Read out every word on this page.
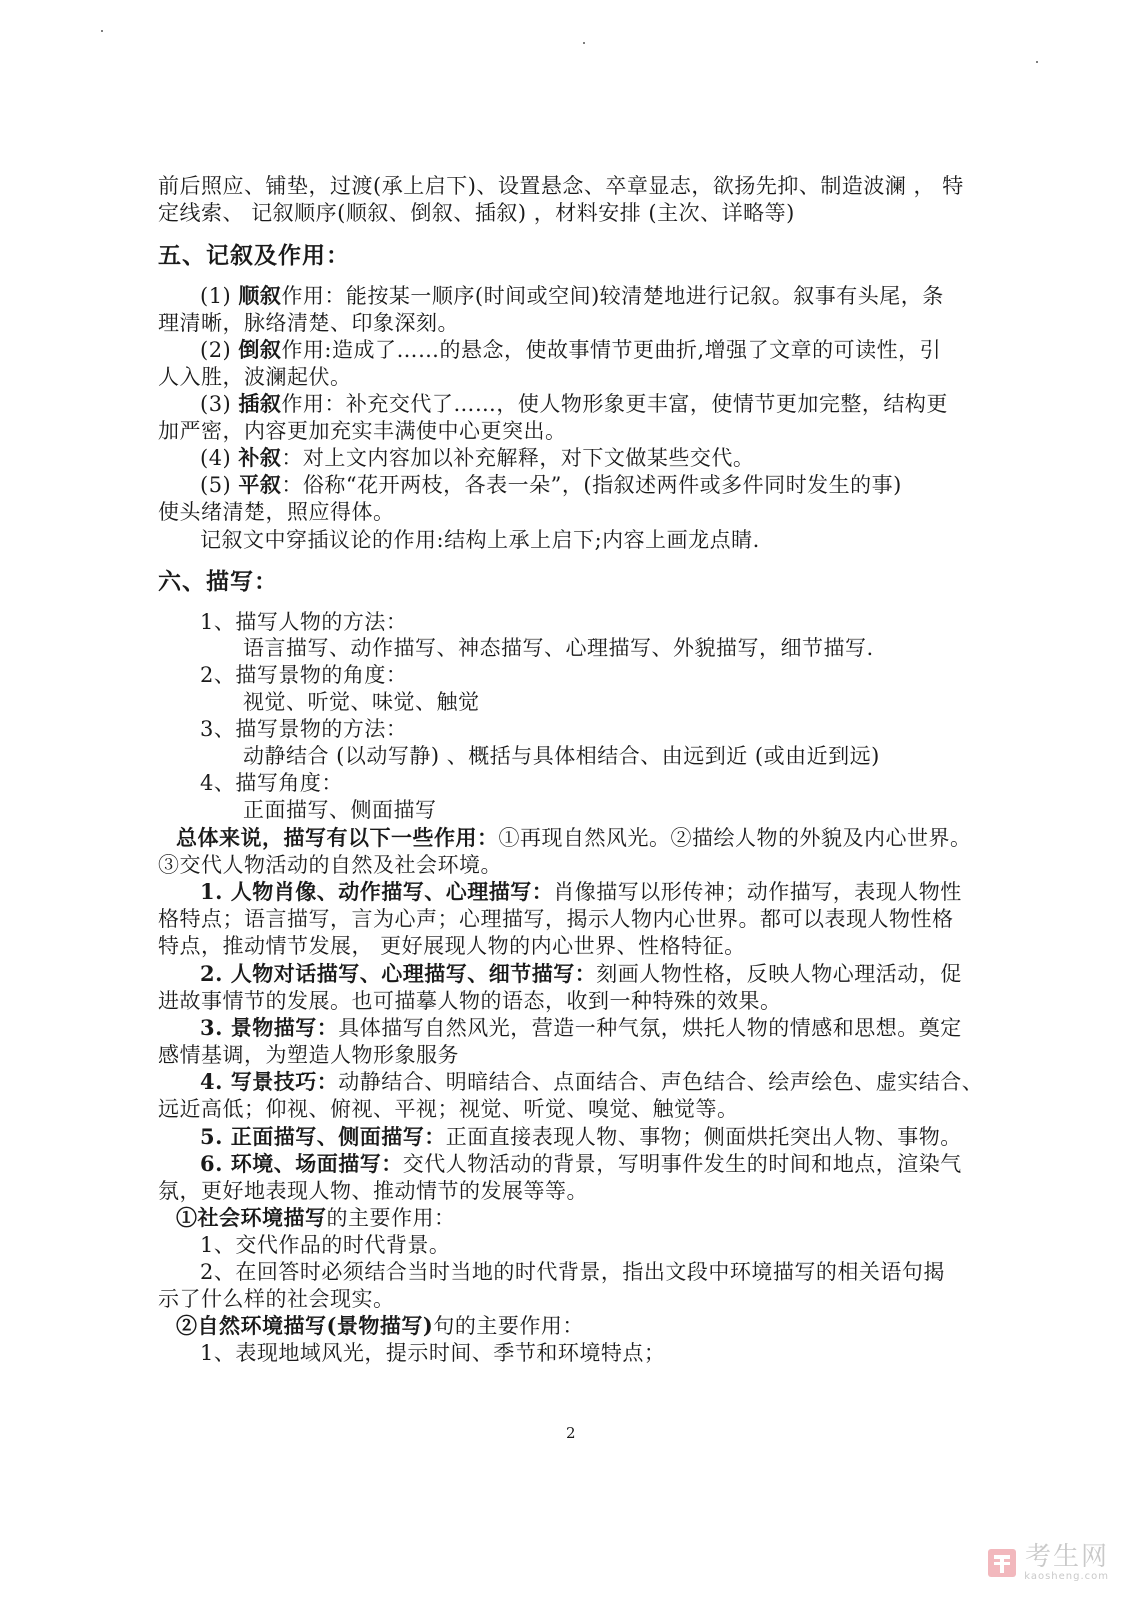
前后照应、铺垫，过渡(承上启下)、设置悬念、卒章显志，欲扬先抑、制造波澜 ， 特

定线索、 记叙顺序(顺叙、倒叙、插叙) ，材料安排 (主次、详略等)

五、记叙及作用：

(1) 顺叙作用：能按某一顺序(时间或空间)较清楚地进行记叙。叙事有头尾，条

理清晰，脉络清楚、印象深刻。

(2) 倒叙作用:造成了……的悬念，使故事情节更曲折,增强了文章的可读性，引

人入胜，波澜起伏。

(3) 插叙作用：补充交代了……，使人物形象更丰富，使情节更加完整，结构更

加严密，内容更加充实丰满使中心更突出。

(4) 补叙：对上文内容加以补充解释，对下文做某些交代。

(5) 平叙：俗称“花开两枝，各表一朵”，(指叙述两件或多件同时发生的事)

使头绪清楚，照应得体。

记叙文中穿插议论的作用:结构上承上启下;内容上画龙点睛.

六、描写：

1、描写人物的方法：

语言描写、动作描写、神态描写、心理描写、外貌描写，细节描写.

2、描写景物的角度：

视觉、听觉、味觉、触觉

3、描写景物的方法：

动静结合 (以动写静) 、概括与具体相结合、由远到近 (或由近到远)

4、描写角度：

正面描写、侧面描写

总体来说，描写有以下一些作用：①再现自然风光。②描绘人物的外貌及内心世界。

③交代人物活动的自然及社会环境。

1. 人物肖像、动作描写、心理描写：肖像描写以形传神；动作描写，表现人物性

格特点；语言描写，言为心声；心理描写，揭示人物内心世界。都可以表现人物性格

特点，推动情节发展， 更好展现人物的内心世界、性格特征。

2. 人物对话描写、心理描写、细节描写：刻画人物性格，反映人物心理活动，促

进故事情节的发展。也可描摹人物的语态，收到一种特殊的效果。

3. 景物描写：具体描写自然风光，营造一种气氛，烘托人物的情感和思想。奠定

感情基调，为塑造人物形象服务

4. 写景技巧：动静结合、明暗结合、点面结合、声色结合、绘声绘色、虚实结合、

远近高低；仰视、俯视、平视；视觉、听觉、嗅觉、触觉等。

5. 正面描写、侧面描写：正面直接表现人物、事物；侧面烘托突出人物、事物。

6. 环境、场面描写：交代人物活动的背景，写明事件发生的时间和地点，渲染气

氛，更好地表现人物、推动情节的发展等等。

①社会环境描写的主要作用：

1、交代作品的时代背景。

2、在回答时必须结合当时当地的时代背景，指出文段中环境描写的相关语句揭

示了什么样的社会现实。

②自然环境描写(景物描写)句的主要作用：

1、表现地域风光，提示时间、季节和环境特点；

2
考生网
kaosheng.com
